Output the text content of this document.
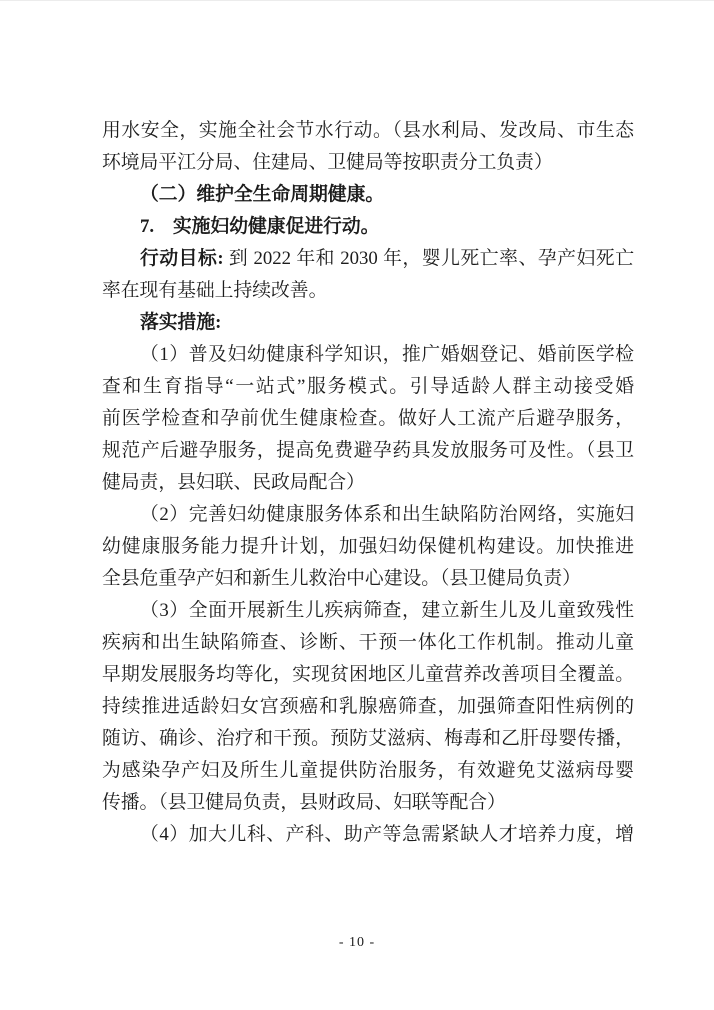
用水安全，实施全社会节水行动。（县水利局、发改局、市生态
环境局平江分局、住建局、卫健局等按职责分工负责）
（二）维护全生命周期健康。
7.　实施妇幼健康促进行动。
行动目标: 到 2022 年和 2030 年，婴儿死亡率、孕产妇死亡
率在现有基础上持续改善。
落实措施:
（1）普及妇幼健康科学知识，推广婚姻登记、婚前医学检
查和生育指导“一站式”服务模式。引导适龄人群主动接受婚
前医学检查和孕前优生健康检查。做好人工流产后避孕服务，
规范产后避孕服务，提高免费避孕药具发放服务可及性。（县卫
健局责，县妇联、民政局配合）
（2）完善妇幼健康服务体系和出生缺陷防治网络，实施妇
幼健康服务能力提升计划，加强妇幼保健机构建设。加快推进
全县危重孕产妇和新生儿救治中心建设。（县卫健局负责）
（3）全面开展新生儿疾病筛查，建立新生儿及儿童致残性
疾病和出生缺陷筛查、诊断、干预一体化工作机制。推动儿童
早期发展服务均等化，实现贫困地区儿童营养改善项目全覆盖。
持续推进适龄妇女宫颈癌和乳腺癌筛查，加强筛查阳性病例的
随访、确诊、治疗和干预。预防艾滋病、梅毒和乙肝母婴传播，
为感染孕产妇及所生儿童提供防治服务，有效避免艾滋病母婴
传播。（县卫健局负责，县财政局、妇联等配合）
（4）加大儿科、产科、助产等急需紧缺人才培养力度，增
- 10 -
